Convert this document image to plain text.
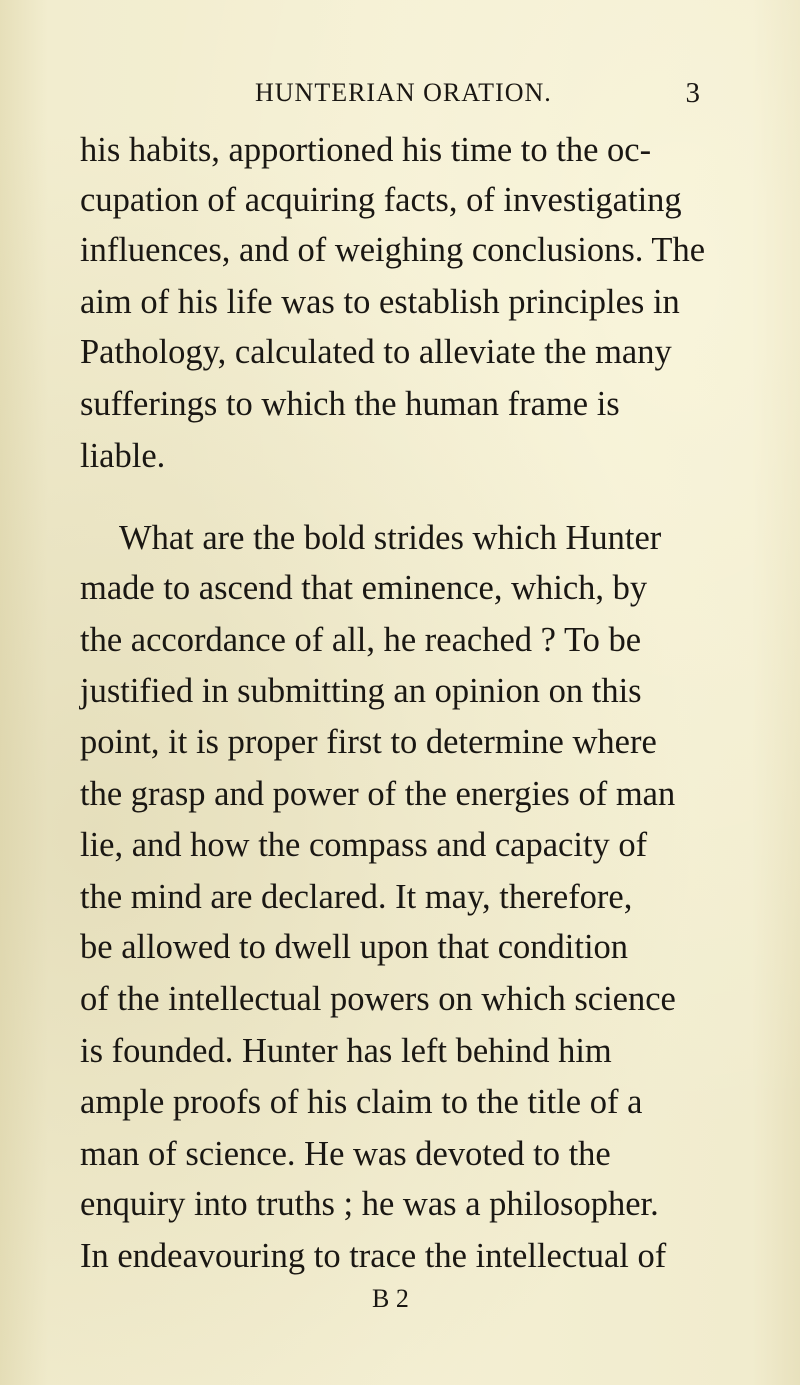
HUNTERIAN ORATION.	3
his habits, apportioned his time to the oc-
cupation of acquiring facts, of investigating
influences, and of weighing conclusions. The
aim of his life was to establish principles in
Pathology, calculated to alleviate the many
sufferings to which the human frame is
liable.
What are the bold strides which Hunter
made to ascend that eminence, which, by
the accordance of all, he reached ? To be
justified in submitting an opinion on this
point, it is proper first to determine where
the grasp and power of the energies of man
lie, and how the compass and capacity of
the mind are declared. It may, therefore,
be allowed to dwell upon that condition
of the intellectual powers on which science
is founded. Hunter has left behind him
ample proofs of his claim to the title of a
man of science. He was devoted to the
enquiry into truths ; he was a philosopher.
In endeavouring to trace the intellectual of
B 2
